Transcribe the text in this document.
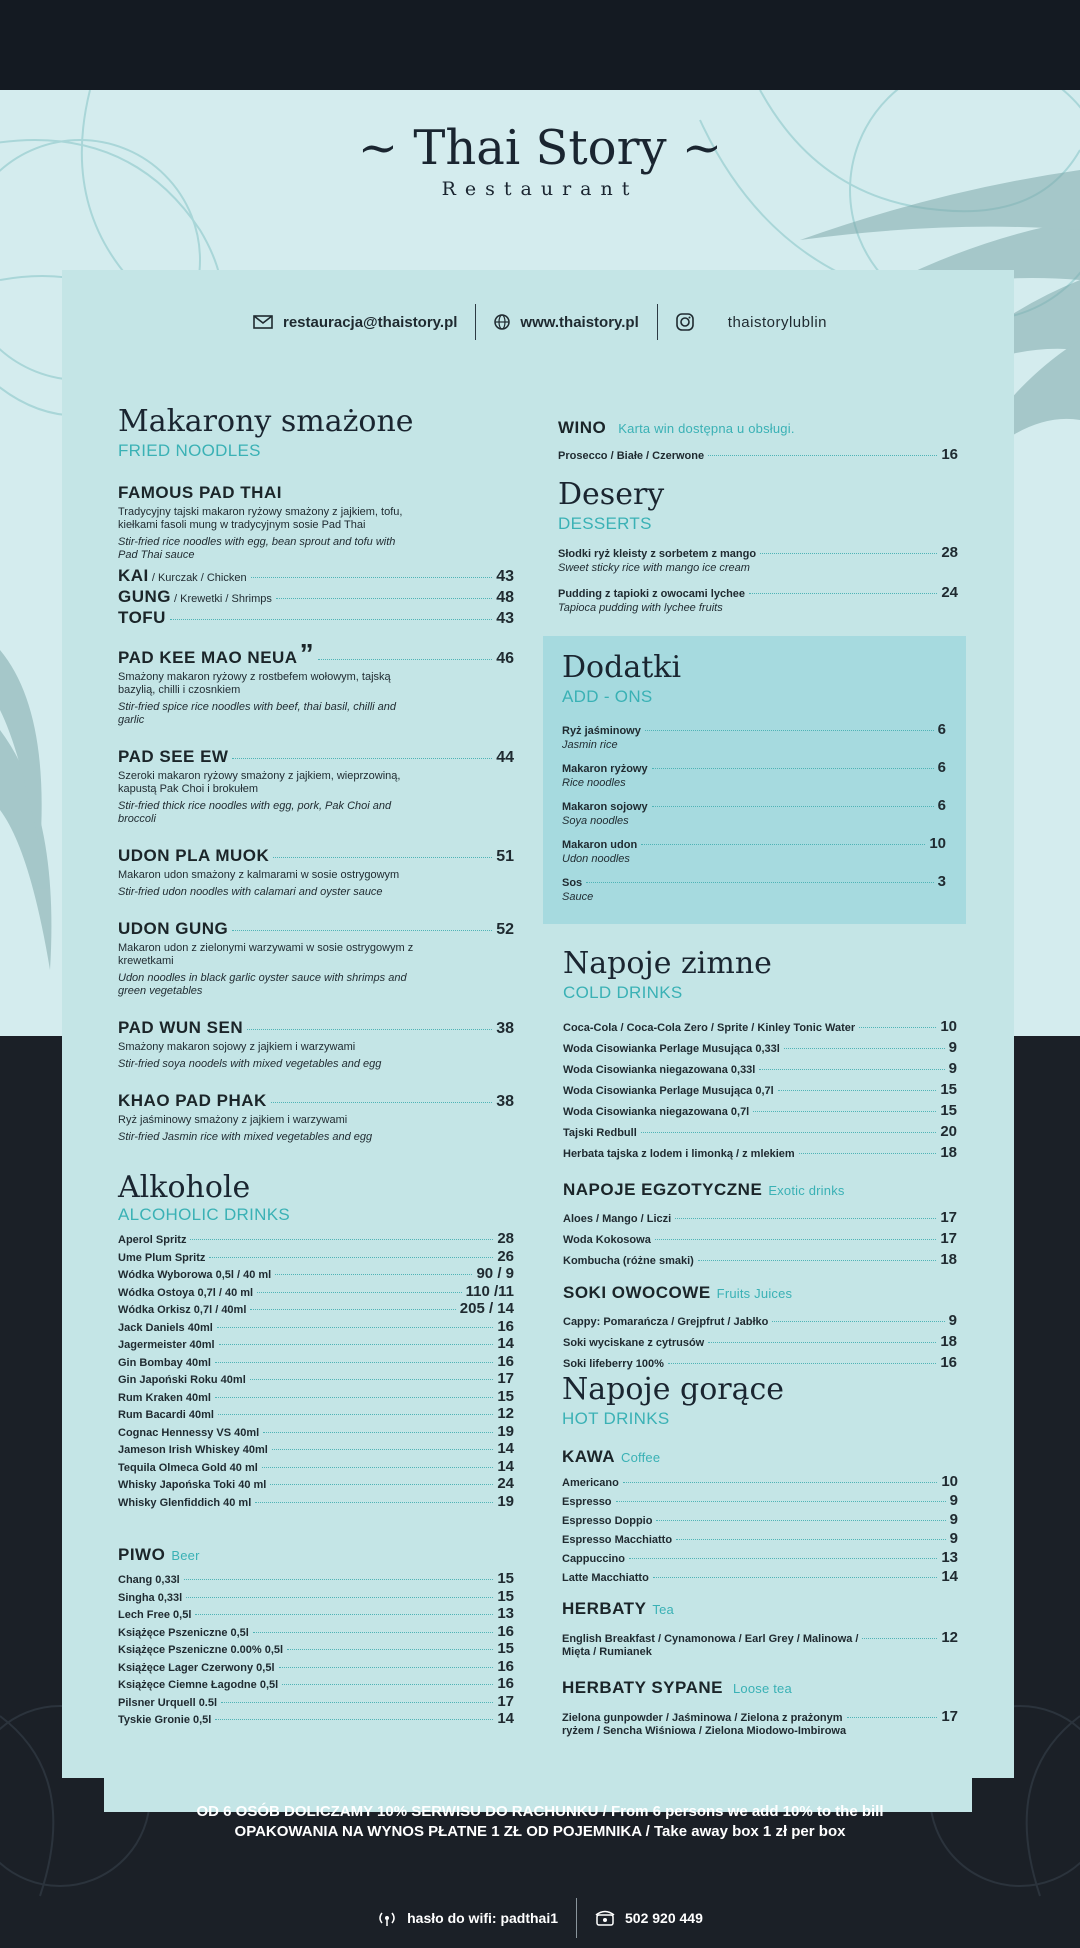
~ Thai Story ~
Restaurant
restauracja@thaistory.pl	www.thaistory.pl	thaistorylublin
Makarony smażone
FRIED NOODLES
FAMOUS PAD THAI
Tradycyjny tajski makaron ryżowy smażony z jajkiem, tofu, kiełkami fasoli mung w tradycyjnym sosie Pad Thai
Stir-fried rice noodles with egg, bean sprout and tofu with Pad Thai sauce
KAI / Kurczak / Chicken	43
GUNG / Krewetki / Shrimps	48
TOFU	43
PAD KEE MAO NEUA”	46
Smażony makaron ryżowy z rostbefem wołowym, tajską bazylią, chilli i czosnkiem
Stir-fried spice rice noodles with beef, thai basil, chilli and garlic
PAD SEE EW	44
Szeroki makaron ryżowy smażony z jajkiem, wieprzowiną, kapustą Pak Choi i brokułem
Stir-fried thick rice noodles with egg, pork, Pak Choi and broccoli
UDON PLA MUOK	51
Makaron udon smażony z kalmarami w sosie ostrygowym
Stir-fried udon noodles with calamari and oyster sauce
UDON GUNG	52
Makaron udon z zielonymi warzywami w sosie ostrygowym z krewetkami
Udon noodles in black garlic oyster sauce with shrimps and green vegetables
PAD WUN SEN	38
Smażony makaron sojowy z jajkiem i warzywami
Stir-fried soya noodels with mixed vegetables and egg
KHAO PAD PHAK	38
Ryż jaśminowy smażony z jajkiem i warzywami
Stir-fried Jasmin rice with mixed vegetables and egg
Alkohole
ALCOHOLIC DRINKS
Aperol Spritz	28
Ume Plum Spritz	26
Wódka Wyborowa 0,5l / 40 ml	90 / 9
Wódka Ostoya 0,7l / 40 ml	110 /11
Wódka Orkisz 0,7l / 40ml	205 / 14
Jack Daniels 40ml	16
Jagermeister 40ml	14
Gin Bombay 40ml	16
Gin Japoński Roku 40ml	17
Rum Kraken 40ml	15
Rum Bacardi 40ml	12
Cognac Hennessy VS 40ml	19
Jameson Irish Whiskey 40ml	14
Tequila Olmeca Gold 40 ml	14
Whisky Japońska Toki 40 ml	24
Whisky Glenfiddich 40 ml	19
PIWO Beer
Chang 0,33l	15
Singha 0,33l	15
Lech Free 0,5l	13
Książęce Pszeniczne 0,5l	16
Książęce Pszeniczne 0.00% 0,5l	15
Książęce Lager Czerwony 0,5l	16
Książęce Ciemne Łagodne 0,5l	16
Pilsner Urquell 0.5l	17
Tyskie Gronie 0,5l	14
WINO Karta win dostępna u obsługi.
Prosecco / Białe / Czerwone	16
Desery
DESSERTS
Słodki ryż kleisty z sorbetem z mango	28
Sweet sticky rice with mango ice cream
Pudding z tapioki z owocami lychee	24
Tapioca pudding with lychee fruits
Dodatki
ADD - ONS
Ryż jaśminowy	6
Jasmin rice
Makaron ryżowy	6
Rice noodles
Makaron sojowy	6
Soya noodles
Makaron udon	10
Udon noodles
Sos	3
Sauce
Napoje zimne
COLD DRINKS
Coca-Cola / Coca-Cola Zero / Sprite / Kinley Tonic Water	10
Woda Cisowianka Perlage Musująca 0,33l	9
Woda Cisowianka niegazowana 0,33l	9
Woda Cisowianka Perlage Musująca 0,7l	15
Woda Cisowianka niegazowana 0,7l	15
Tajski Redbull	20
Herbata tajska z lodem i limonką / z mlekiem	18
NAPOJE EGZOTYCZNE Exotic drinks
Aloes / Mango / Liczi	17
Woda Kokosowa	17
Kombucha (różne smaki)	18
SOKI OWOCOWE Fruits Juices
Cappy: Pomarańcza / Grejpfrut / Jabłko	9
Soki wyciskane z cytrusów	18
Soki lifeberry 100%	16
Napoje gorące
HOT DRINKS
KAWA Coffee
Americano	10
Espresso	9
Espresso Doppio	9
Espresso Macchiatto	9
Cappuccino	13
Latte Macchiatto	14
HERBATY Tea
English Breakfast / Cynamonowa / Earl Grey / Malinowa /	12
Mięta / Rumianek
HERBATY SYPANE Loose tea
Zielona gunpowder / Jaśminowa / Zielona z prażonym	17
ryżem / Sencha Wiśniowa / Zielona Miodowo-Imbirowa
OD 6 OSÓB DOLICZAMY 10% SERWISU DO RACHUNKU / From 6 persons we add 10% to the bill
OPAKOWANIA NA WYNOS PŁATNE 1 ZŁ OD POJEMNIKA / Take away box 1 zł per box
hasło do wifi: padthai1	502 920 449
